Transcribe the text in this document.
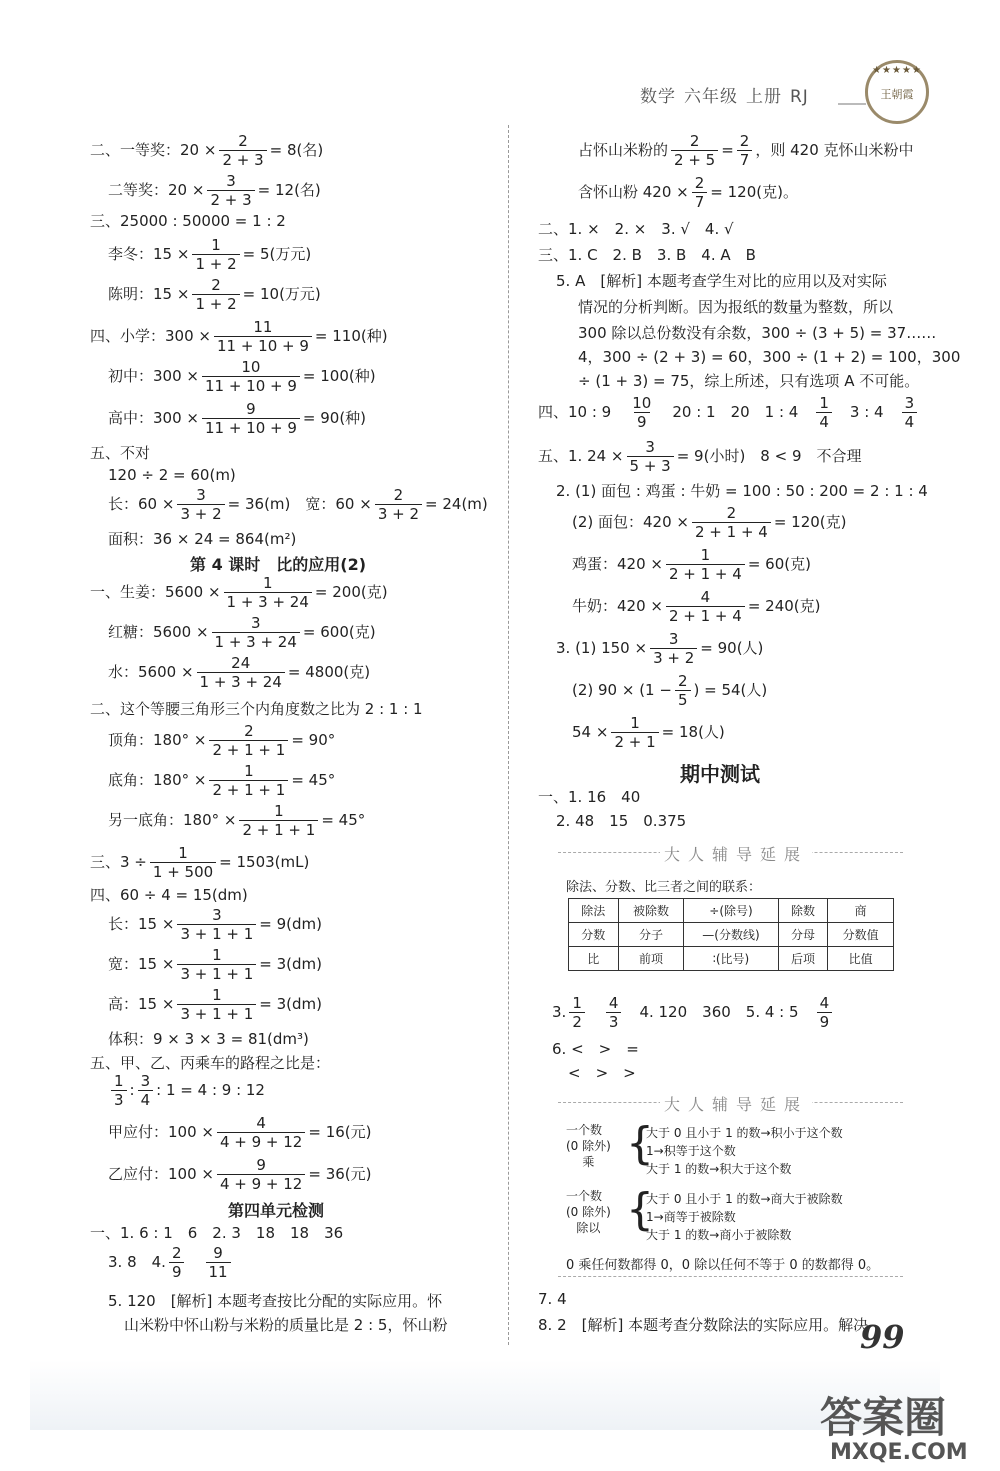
数学 六年级 上册 RJ
★★★★★
王朝霞
二、一等奖：$20 \times \frac{2}{2 + 3} = 8$(名)
二等奖：$20 \times \frac{3}{2 + 3} = 12$(名)
三、25000 : 50000 = 1 : 2
李冬：$15 \times \frac{1}{1 + 2} = 5$(万元)
陈明：$15 \times \frac{2}{1 + 2} = 10$(万元)
四、小学：$300 \times \frac{11}{11 + 10 + 9} = 110$(种)
初中：$300 \times \frac{10}{11 + 10 + 9} = 100$(种)
高中：$300 \times \frac{9}{11 + 10 + 9} = 90$(种)
五、不对
120 ÷ 2 = 60(m)
长：$60 \times \frac{3}{3 + 2} = 36(m)$　宽：$60 \times \frac{2}{3 + 2} = 24(m)$
面积：36 × 24 = 864(m²)
第 4 课时　比的应用(2)
一、生姜：$5600 \times \frac{1}{1 + 3 + 24} = 200$(克)
红糖：$5600 \times \frac{3}{1 + 3 + 24} = 600$(克)
水：$5600 \times \frac{24}{1 + 3 + 24} = 4800$(克)
二、这个等腰三角形三个内角度数之比为 2 : 1 : 1
顶角：$180^\circ \times \frac{2}{2 + 1 + 1} = 90^\circ$
底角：$180^\circ \times \frac{1}{2 + 1 + 1} = 45^\circ$
另一底角：$180^\circ \times \frac{1}{2 + 1 + 1} = 45^\circ$
三、$3 \div \frac{1}{1 + 500} = 1503(mL)$
四、60 ÷ 4 = 15(dm)
长：$15 \times \frac{3}{3 + 1 + 1} = 9(dm)$
宽：$15 \times \frac{1}{3 + 1 + 1} = 3(dm)$
高：$15 \times \frac{1}{3 + 1 + 1} = 3(dm)$
体积：9 × 3 × 3 = 81(dm³)
五、甲、乙、丙乘车的路程之比是：
$\frac{1}{3}$ : $\frac{3}{4}$ : 1 = 4 : 9 : 12
甲应付：$100 \times \frac{4}{4 + 9 + 12} = 16$(元)
乙应付：$100 \times \frac{9}{4 + 9 + 12} = 36$(元)
第四单元检测
一、1. 6 : 1　6　2. 3　18　18　36
3. 8　4. $\frac{2}{9}$
　 $\frac{9}{11}$
5. 120　[解析] 本题考查按比分配的实际应用。怀
山米粉中怀山粉与米粉的质量比是 2 : 5，怀山粉
占怀山米粉的 $\frac{2}{2 + 5} = \frac{2}{7}$ ，则 420 克怀山米粉中
含怀山粉 $420 \times \frac{2}{7} = 120$(克)。
二、1. ×　2. ×　3. √　4. √
三、1. C　2. B　3. B　4. A　B
5. A　[解析] 本题考查学生对比的应用以及对实际
情况的分析判断。因为报纸的数量为整数，所以
300 除以总份数没有余数，300 ÷ (3 + 5) = 37……
4，300 ÷ (2 + 3) = 60，300 ÷ (1 + 2) = 100，300
÷ (1 + 3) = 75，综上所述，只有选项 A 不可能。
四、10 : 9　 $\frac{10}{9}$
　 20 : 1　20　1 : 4　 $\frac{1}{4}$
　 3 : 4　 $\frac{3}{4}$
五、1. $24 \times \frac{3}{5 + 3} = 9$(小时)　8 < 9　不合理
2. (1) 面包 : 鸡蛋 : 牛奶 = 100 : 50 : 200 = 2 : 1 : 4
(2) 面包：$420 \times \frac{2}{2 + 1 + 4} = 120$(克)
鸡蛋：$420 \times \frac{1}{2 + 1 + 4} = 60$(克)
牛奶：$420 \times \frac{4}{2 + 1 + 4} = 240$(克)
3. (1) $150 \times \frac{3}{3 + 2} = 90$(人)
(2) $90 \times (1 - \frac{2}{5}$ ) = 54(人)
$54 \times \frac{1}{2 + 1} = 18$(人)
期中测试
一、1. 16　40
2. 48　15　0.375
大人辅导延展
除法、分数、比三者之间的联系：
除法	被除数	÷(除号)	除数	商
分数	分子	—(分数线)	分母	分数值
比	前项	∶(比号)	后项	比值
3. $\frac{1}{2}$
　 $\frac{4}{3}$
　 4. 120　360　5. 4 : 5　 $\frac{4}{9}$
6. <　>　=
<　>　>
大人辅导延展
一个数
(0 除外)
乘 {
大于 0 且小于 1 的数→积小于这个数
1→积等于这个数
大于 1 的数→积大于这个数
一个数
(0 除外)
除以 {
大于 0 且小于 1 的数→商大于被除数
1→商等于被除数
大于 1 的数→商小于被除数
0 乘任何数都得 0，0 除以任何不等于 0 的数都得 0。
7. 4
8. 2　[解析] 本题考查分数除法的实际应用。解决
99
答案圈
MXQE.COM
